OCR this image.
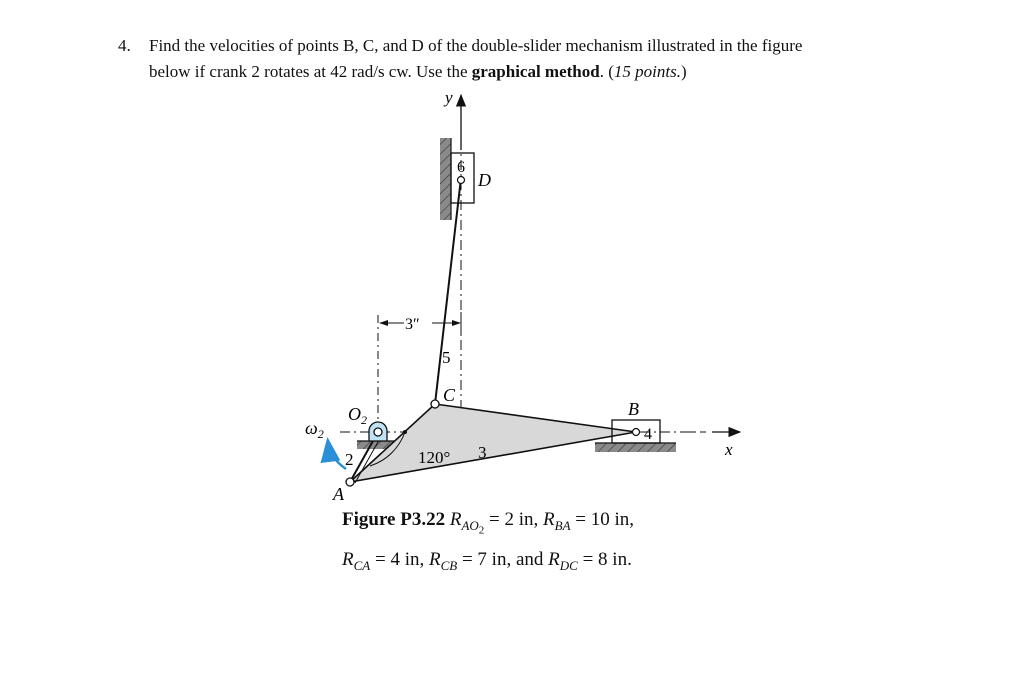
4. Find the velocities of points B, C, and D of the double-slider mechanism illustrated in the figure
below if crank 2 rotates at 42 rad/s cw. Use the graphical method. (15 points.)
y
x
3″
120°
5
2
$O_2$
$\omega_2$
6
D
4
B
A
C
3
Figure P3.22 $R_{AO_2} = 2$ in, $R_{BA} = 10$ in,
$R_{CA} = 4$ in, $R_{CB} = 7$ in, and $R_{DC} = 8$ in.
